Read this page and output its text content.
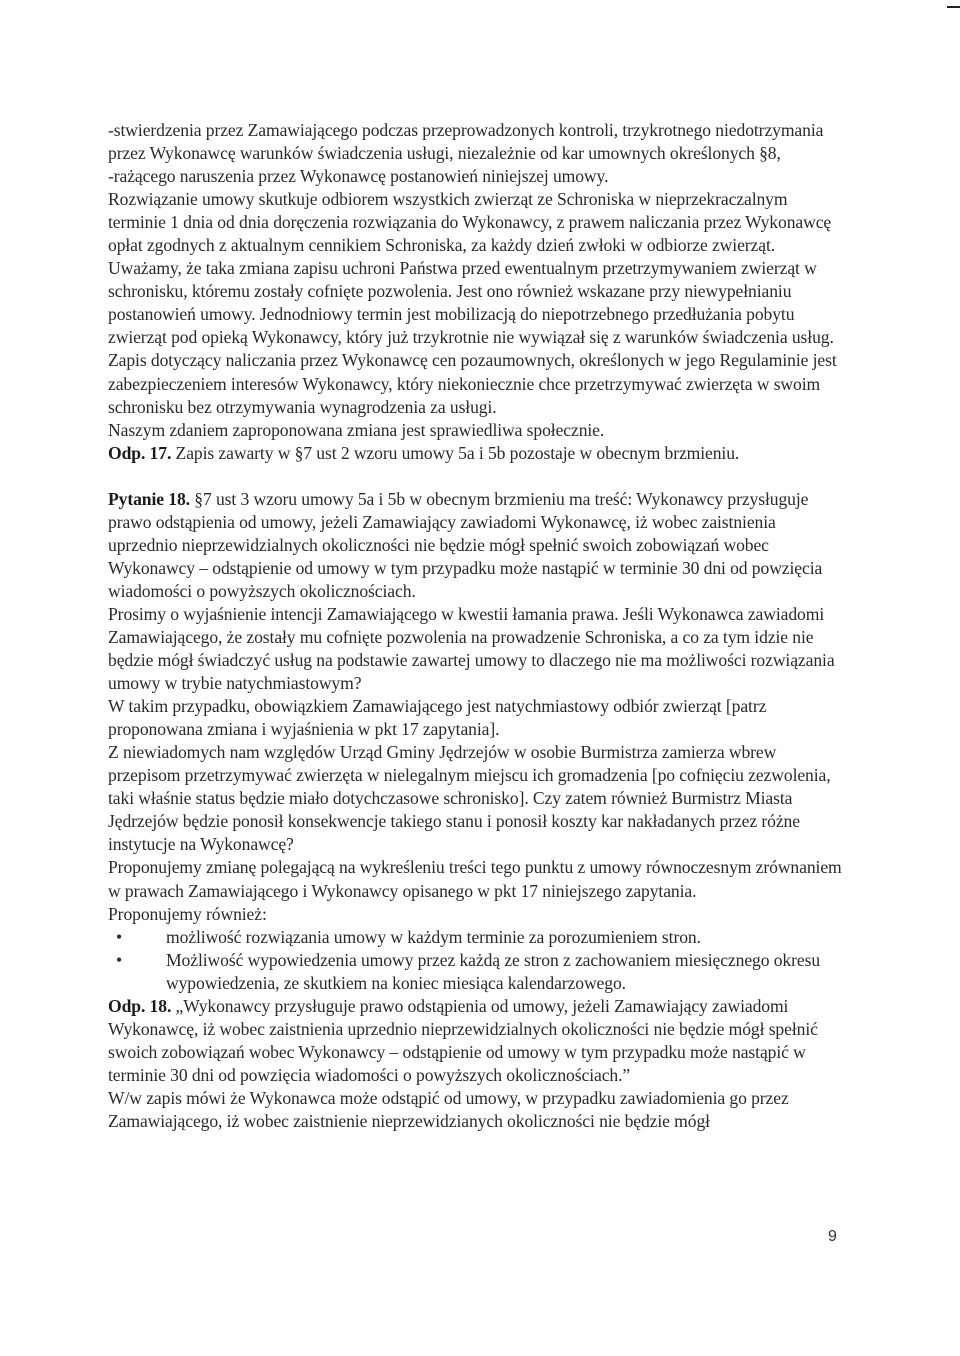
-stwierdzenia przez Zamawiającego podczas przeprowadzonych kontroli, trzykrotnego niedotrzymania przez Wykonawcę warunków świadczenia usługi, niezależnie od kar umownych określonych §8,

-rażącego naruszenia przez Wykonawcę postanowień niniejszej umowy.

Rozwiązanie umowy skutkuje odbiorem wszystkich zwierząt ze Schroniska w nieprzekraczalnym terminie 1 dnia od dnia doręczenia rozwiązania do Wykonawcy, z prawem naliczania przez Wykonawcę opłat zgodnych z aktualnym cennikiem Schroniska, za każdy dzień zwłoki w odbiorze zwierząt.

Uważamy, że taka zmiana zapisu uchroni Państwa przed ewentualnym przetrzymywaniem zwierząt w schronisku, któremu zostały cofnięte pozwolenia. Jest ono również wskazane przy niewypełnianiu postanowień umowy. Jednodniowy termin jest mobilizacją do niepotrzebnego przedłużania pobytu zwierząt pod opieką Wykonawcy, który już trzykrotnie nie wywiązał się z warunków świadczenia usług.

Zapis dotyczący naliczania przez Wykonawcę cen pozaumownych, określonych w jego Regulaminie jest zabezpieczeniem interesów Wykonawcy, który niekoniecznie chce przetrzymywać zwierzęta w swoim schronisku bez otrzymywania wynagrodzenia za usługi.

Naszym zdaniem zaproponowana zmiana jest sprawiedliwa społecznie.

Odp. 17. Zapis zawarty w §7 ust 2 wzoru umowy 5a i 5b pozostaje w obecnym brzmieniu.

Pytanie 18. §7 ust 3 wzoru umowy 5a i 5b w obecnym brzmieniu ma treść: Wykonawcy przysługuje prawo odstąpienia od umowy, jeżeli Zamawiający zawiadomi Wykonawcę, iż wobec zaistnienia uprzednio nieprzewidzialnych okoliczności nie będzie mógł spełnić swoich zobowiązań wobec Wykonawcy – odstąpienie od umowy w tym przypadku może nastąpić w terminie 30 dni od powzięcia wiadomości o powyższych okolicznościach.

Prosimy o wyjaśnienie intencji Zamawiającego w kwestii łamania prawa. Jeśli Wykonawca zawiadomi Zamawiającego, że zostały mu cofnięte pozwolenia na prowadzenie Schroniska, a co za tym idzie nie będzie mógł świadczyć usług na podstawie zawartej umowy to dlaczego nie ma możliwości rozwiązania umowy w trybie natychmiastowym?

W takim przypadku, obowiązkiem Zamawiającego jest natychmiastowy odbiór zwierząt [patrz proponowana zmiana i wyjaśnienia w pkt 17 zapytania].

Z niewiadomych nam względów Urząd Gminy Jędrzejów w osobie Burmistrza zamierza wbrew przepisom przetrzymywać zwierzęta w nielegalnym miejscu ich gromadzenia [po cofnięciu zezwolenia, taki właśnie status będzie miało dotychczasowe schronisko]. Czy zatem również Burmistrz Miasta Jędrzejów będzie ponosił konsekwencje takiego stanu i ponosił koszty kar nakładanych przez różne instytucje na Wykonawcę?

Proponujemy zmianę polegającą na wykreśleniu treści tego punktu z umowy równoczesnym zrównaniem w prawach Zamawiającego i Wykonawcy opisanego w pkt 17 niniejszego zapytania.

Proponujemy również:

• możliwość rozwiązania umowy w każdym terminie za porozumieniem stron.

• Możliwość wypowiedzenia umowy przez każdą ze stron z zachowaniem miesięcznego okresu wypowiedzenia, ze skutkiem na koniec miesiąca kalendarzowego.

Odp. 18. „Wykonawcy przysługuje prawo odstąpienia od umowy, jeżeli Zamawiający zawiadomi Wykonawcę, iż wobec zaistnienia uprzednio nieprzewidzialnych okoliczności nie będzie mógł spełnić swoich zobowiązań wobec Wykonawcy – odstąpienie od umowy w tym przypadku może nastąpić w terminie 30 dni od powzięcia wiadomości o powyższych okolicznościach.”

W/w zapis mówi że Wykonawca może odstąpić od umowy, w przypadku zawiadomienia go przez Zamawiającego, iż wobec zaistnienie nieprzewidzianych okoliczności nie będzie mógł

9
